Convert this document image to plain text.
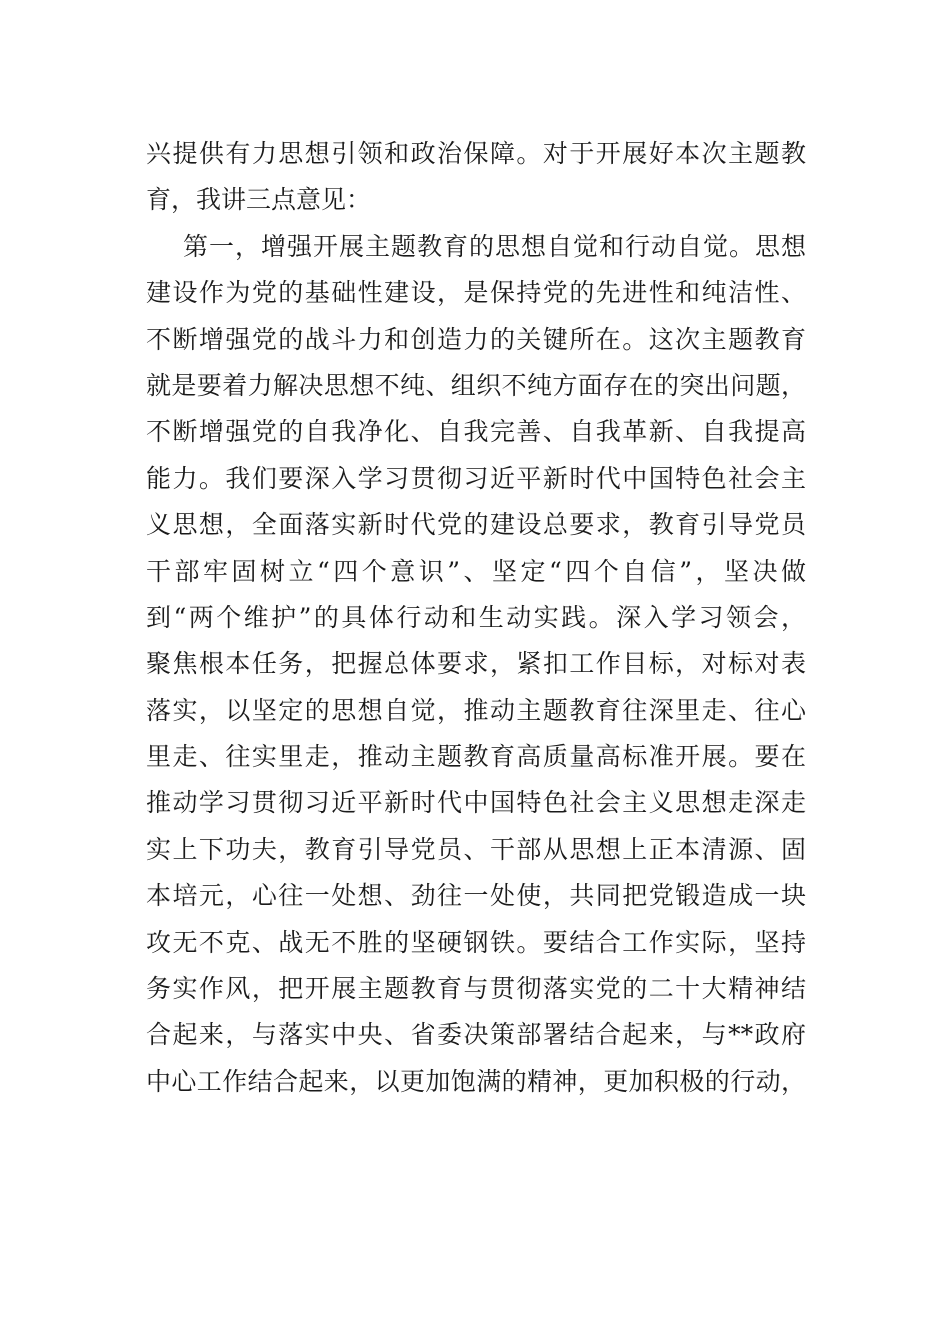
兴提供有力思想引领和政治保障。对于开展好本次主题教
育，我讲三点意见：
第一，增强开展主题教育的思想自觉和行动自觉。思想
建设作为党的基础性建设，是保持党的先进性和纯洁性、
不断增强党的战斗力和创造力的关键所在。这次主题教育
就是要着力解决思想不纯、组织不纯方面存在的突出问题，
不断增强党的自我净化、自我完善、自我革新、自我提高
能力。我们要深入学习贯彻习近平新时代中国特色社会主
义思想，全面落实新时代党的建设总要求，教育引导党员
干部牢固树立“四个意识”、坚定“四个自信”，坚决做
到“两个维护”的具体行动和生动实践。深入学习领会，
聚焦根本任务，把握总体要求，紧扣工作目标，对标对表
落实，以坚定的思想自觉，推动主题教育往深里走、往心
里走、往实里走，推动主题教育高质量高标准开展。要在
推动学习贯彻习近平新时代中国特色社会主义思想走深走
实上下功夫，教育引导党员、干部从思想上正本清源、固
本培元，心往一处想、劲往一处使，共同把党锻造成一块
攻无不克、战无不胜的坚硬钢铁。要结合工作实际，坚持
务实作风，把开展主题教育与贯彻落实党的二十大精神结
合起来，与落实中央、省委决策部署结合起来，与**政府
中心工作结合起来，以更加饱满的精神，更加积极的行动，
